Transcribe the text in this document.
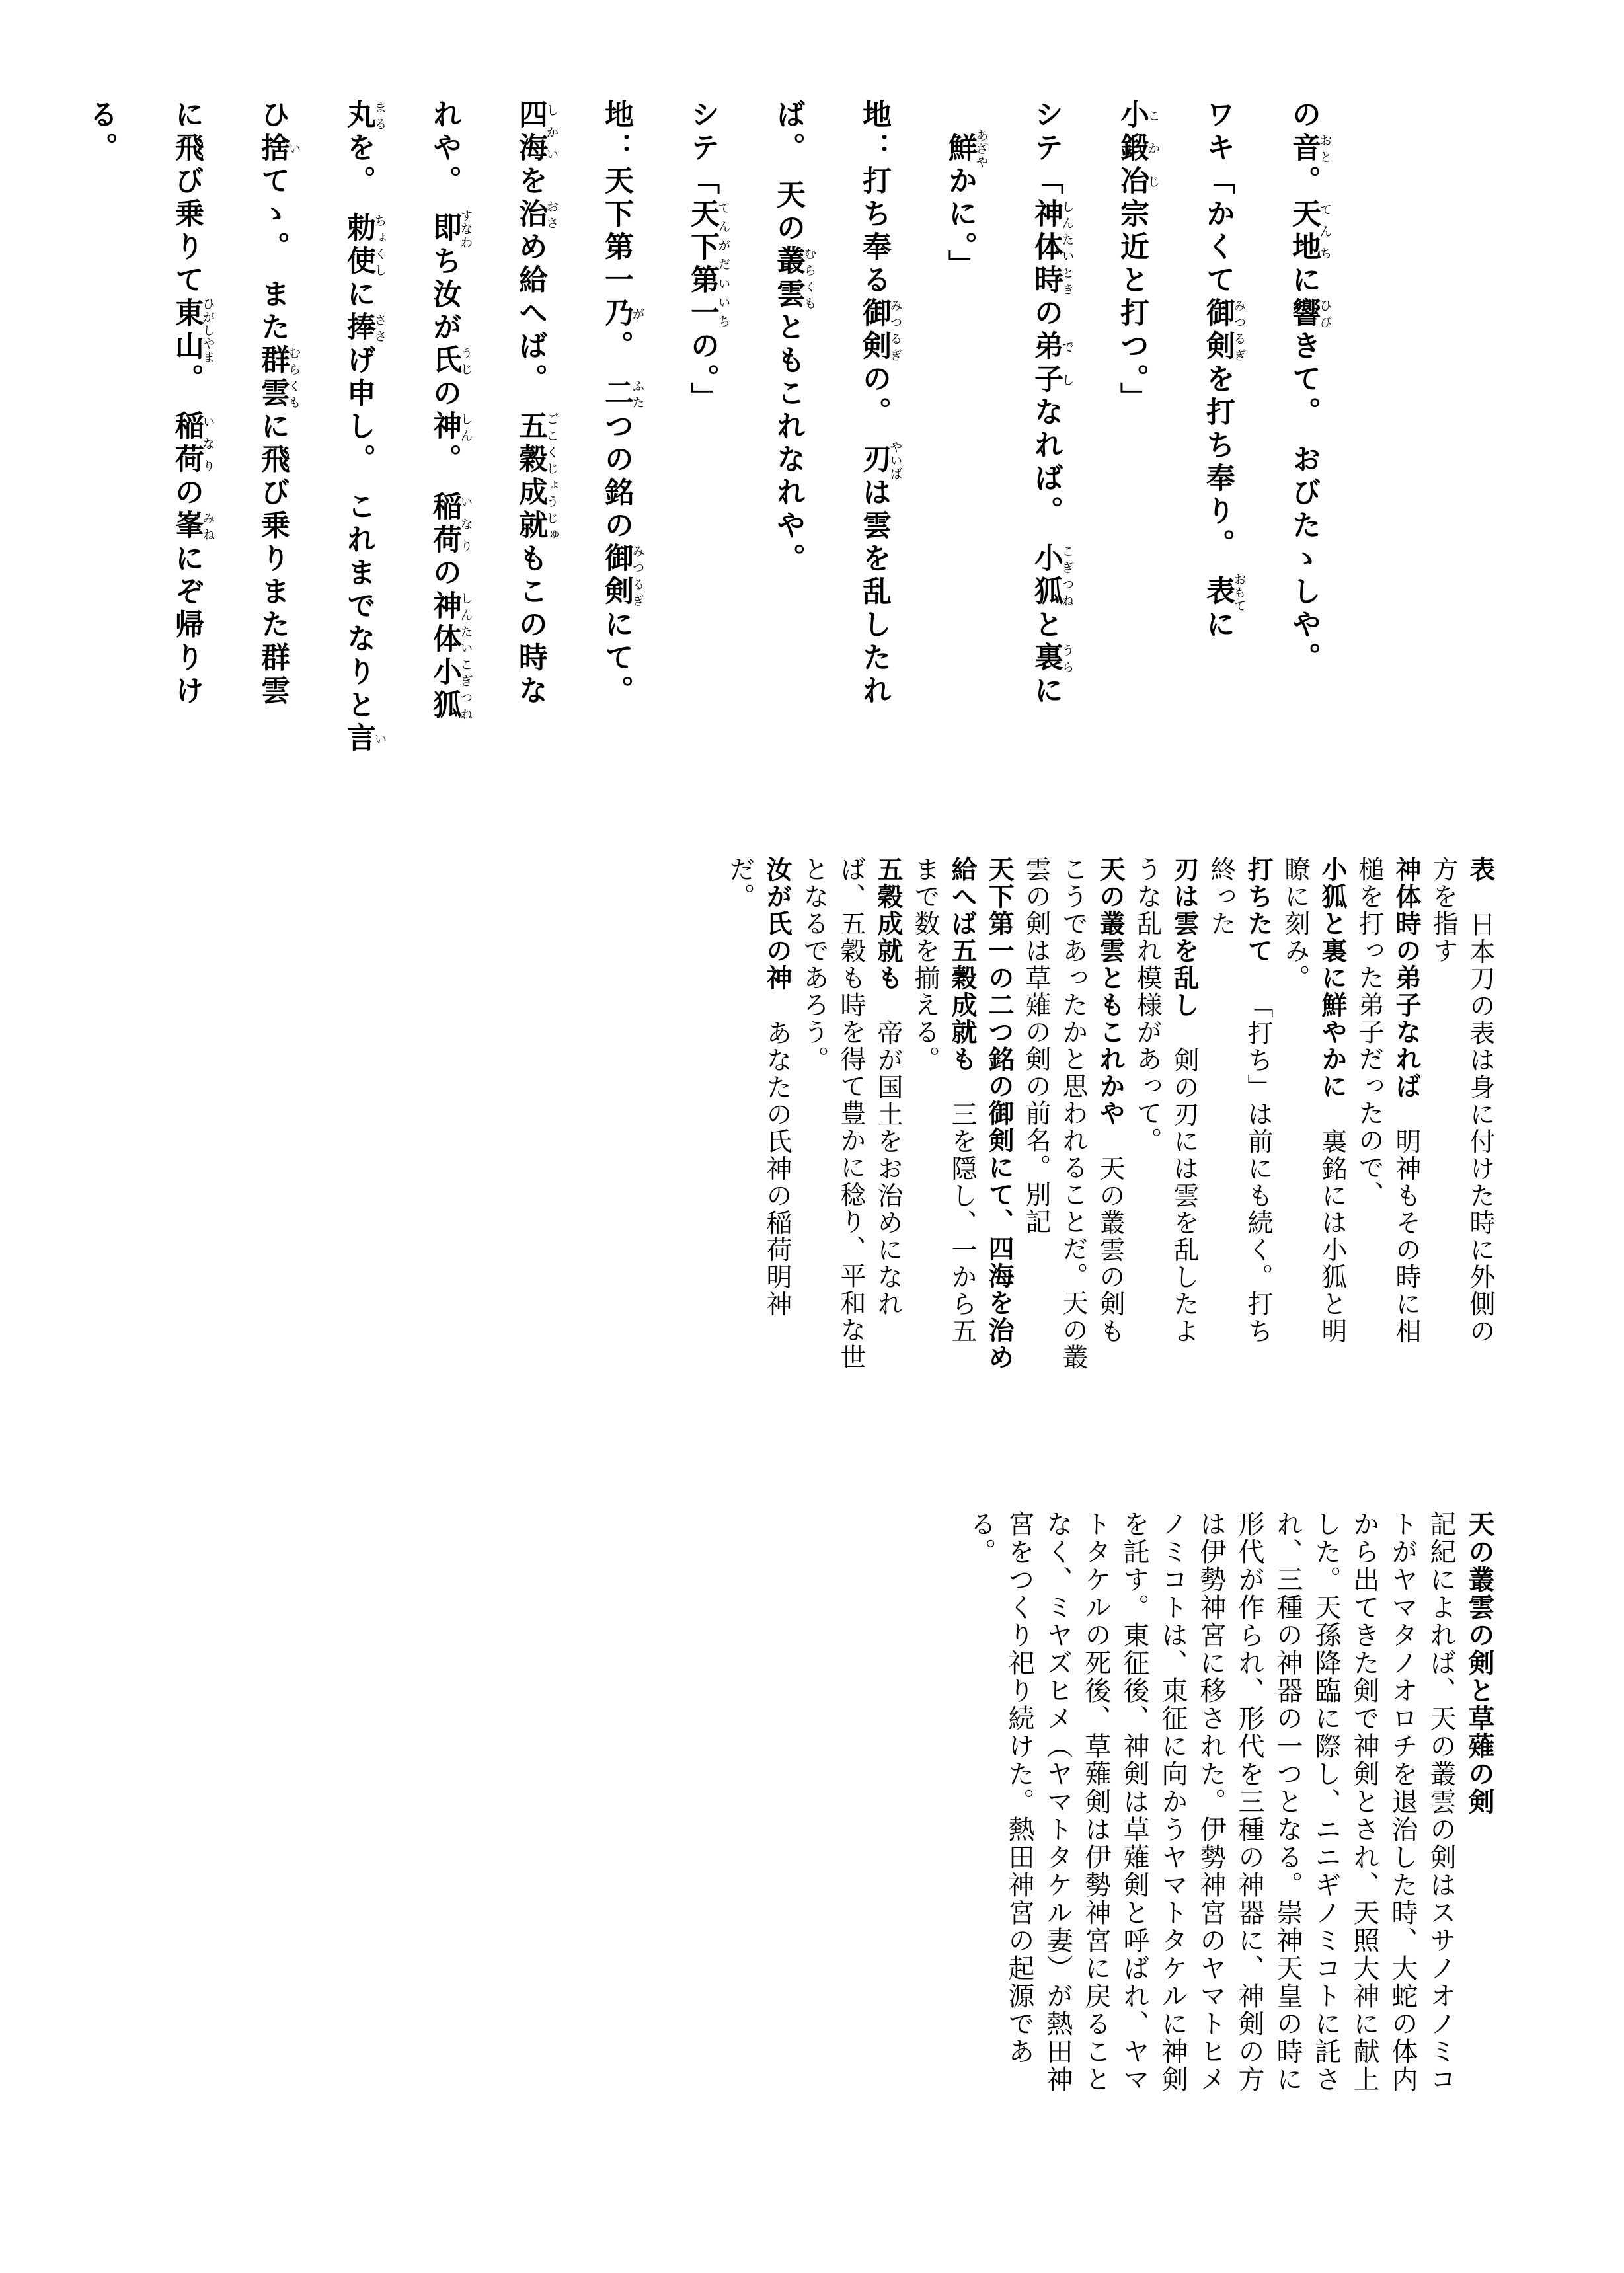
の音おと。天地てんちに響ひびきて。 おびたゝしや。
ワキ「かくて御剣みつるぎを打ち奉り。 表おもてに
小鍛冶こかじ宗近と打つ。」
シテ「神体時しんたいときの弟子でしなれば。 小狐こぎつねと裏うらに
　鮮あざやかに。」
地：打ち奉る御剣みつるぎの。 刃やいばは雲を乱したれ
ば。 天の叢雲むらくもともこれなれや。
シテ「天下第一てんがだいいちの。」
地：天下第一乃が。 二ふたつの銘の御剣みつるぎにて。
四海しかいを治おさめ給へば。 五穀成就ごこくじょうじゅもこの時な
れや。 即すなわち汝が氏うじの神しん。 稲荷いなりの神体小狐しんたいこぎつね
丸まるを。 勅使ちょくしに捧ささげ申し。 これまでなりと言い
ひ捨いてゝ。 また群雲むらくもに飛び乗りまた群雲
に飛び乗りて東山ひがしやま。 稲荷いなりの峯みねにぞ帰りけ
る。
表日本刀の表は身に付けた時に外側の方を指す
神体時の弟子なれば明神もその時に相槌を打った弟子だったので、
小狐と裏に鮮やかに裏銘には小狐と明瞭に刻み。
打ちたて「打ち」は前にも続く。打ち終った
刃は雲を乱し剣の刃には雲を乱したような乱れ模様があって。
天の叢雲ともこれかや天の叢雲の剣もこうであったかと思われることだ。天の叢雲の剣は草薙の剣の前名。別記
天下第一の二つ銘の御剣にて、四海を治め給へば五穀成就も三を隠し、一から五まで数を揃える。
五穀成就も帝が国土をお治めになれば、五穀も時を得て豊かに稔り、平和な世となるであろう。
汝が氏の神あなたの氏神の稲荷明神だ。
天の叢雲の剣と草薙の剣
記紀によれば、天の叢雲の剣はスサノオノミコトがヤマタノオロチを退治した時、大蛇の体内から出てきた剣で神剣とされ、天照大神に献上した。天孫降臨に際し、ニニギノミコトに託され、三種の神器の一つとなる。崇神天皇の時に形代が作られ、形代を三種の神器に、神剣の方は伊勢神宮に移された。伊勢神宮のヤマトヒメノミコトは、東征に向かうヤマトタケルに神剣を託す。東征後、神剣は草薙剣と呼ばれ、ヤマトタケルの死後、草薙剣は伊勢神宮に戻ることなく、ミヤズヒメ（ヤマトタケル妻）が熱田神宮をつくり祀り続けた。熱田神宮の起源である。
